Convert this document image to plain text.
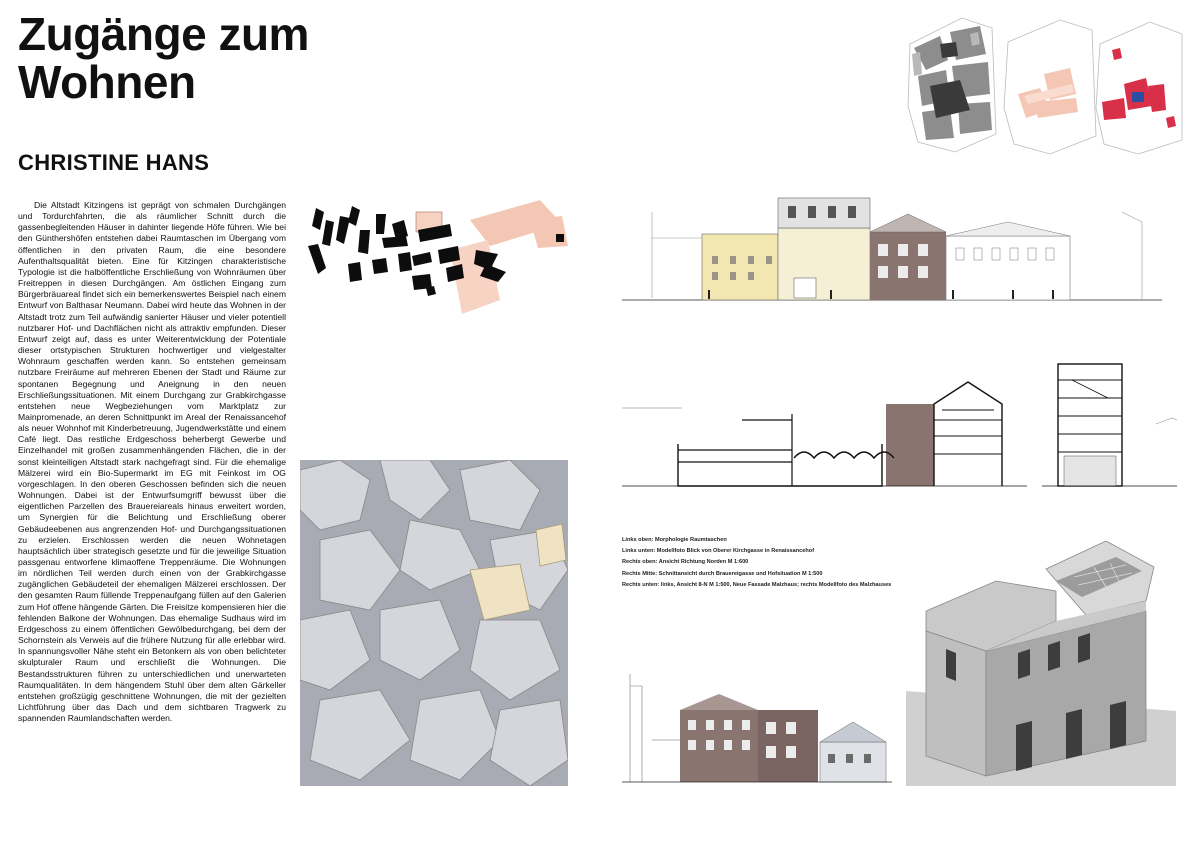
Zugänge zum
Wohnen
CHRISTINE HANS

Die Altstadt Kitzingens ist geprägt von schmalen Durchgängen und Tordurchfahrten, die als räumlicher Schnitt durch die gassenbegleitenden Häuser in dahinter liegende Höfe führen. Wie bei den Günthershöfen entstehen dabei Raumtaschen im Übergang vom öffentlichen in den privaten Raum, die eine besondere Aufenthaltsqualität bieten. Eine für Kitzingen charakteristische Typologie ist die halböffentliche Erschließung von Wohnräumen über Freitreppen in diesen Durchgängen. Am östlichen Eingang zum Bürgerbräuareal findet sich ein bemerkenswertes Beispiel nach einem Entwurf von Balthasar Neumann. Dabei wird heute das Wohnen in der Altstadt trotz zum Teil aufwändig sanierter Häuser und vieler potentiell nutzbarer Hof- und Dachflächen nicht als attraktiv empfunden. Dieser Entwurf zeigt auf, dass es unter Weiterentwicklung der Potentiale dieser ortstypischen Strukturen hochwertiger und vielgestalter Wohnraum geschaffen werden kann. So entstehen gemeinsam nutzbare Freiräume auf mehreren Ebenen der Stadt und Räume zur spontanen Begegnung und Aneignung in den neuen Erschließungssituationen. Mit einem Durchgang zur Grabkirchgasse entstehen neue Wegbeziehungen vom Marktplatz zur Mainpromenade, an deren Schnittpunkt im Areal der Renaissancehof als neuer Wohnhof mit Kinderbetreuung, Jugendwerkstätte und einem Café liegt. Das restliche Erdgeschoss beherbergt Gewerbe und Einzelhandel mit großen zusammenhängenden Flächen, die in der sonst kleinteiligen Altstadt stark nachgefragt sind. Für die ehemalige Mälzerei wird ein Bio-Supermarkt im EG mit Feinkost im OG vorgeschlagen. In den oberen Geschossen befinden sich die neuen Wohnungen. Dabei ist der Entwurfsumgriff bewusst über die eigentlichen Parzellen des Brauereiareals hinaus erweitert worden, um Synergien für die Belichtung und Erschließung oberer Gebäudeebenen aus angrenzenden Hof- und Durchgangssituationen zu erzielen. Erschlossen werden die neuen Wohnetagen hauptsächlich über strategisch gesetzte und für die jeweilige Situation passgenau entworfene klimaoffene Treppenräume. Die Wohnungen im nördlichen Teil werden durch einen von der Grabkirchgasse zugänglichen Gebäudeteil der ehemaligen Mälzerei erschlossen. Der den gesamten Raum füllende Treppenaufgang füllen auf den Galerien zum Hof offene hängende Gärten. Die Freisitze kompensieren hier die fehlenden Balkone der Wohnungen. Das ehemalige Sudhaus wird im Erdgeschoss zu einem öffentlichen Gewölbedurchgang, bei dem der Schornstein als Verweis auf die frühere Nutzung für alle erlebbar wird. In spannungsvoller Nähe steht ein Betonkern als von oben belichteter skulpturaler Raum und erschließt die Wohnungen. Die Bestandsstrukturen führen zu unterschiedlichen und unerwarteten Raumqualitäten. In dem hängendem Stuhl über dem alten Gärkeller entstehen großzügig geschnittene Wohnungen, die mit der gezielten Lichtführung über das Dach und dem sichtbaren Tragwerk zu spannenden Raumlandschaften werden.

Links oben: Morphologie Raumtaschen
Links unten: Modellfoto Blick von Oberer Kirchgasse in Renaissancehof
Rechts oben: Ansicht Richtung Norden M 1:600
Rechts Mitte: Schnittansicht durch Brauereigasse und Hofsituation M 1:500
Rechts unten: links, Ansicht 8-N M 1:500, Neue Fassade Malzhaus; rechts Modellfoto des Malzhauses
